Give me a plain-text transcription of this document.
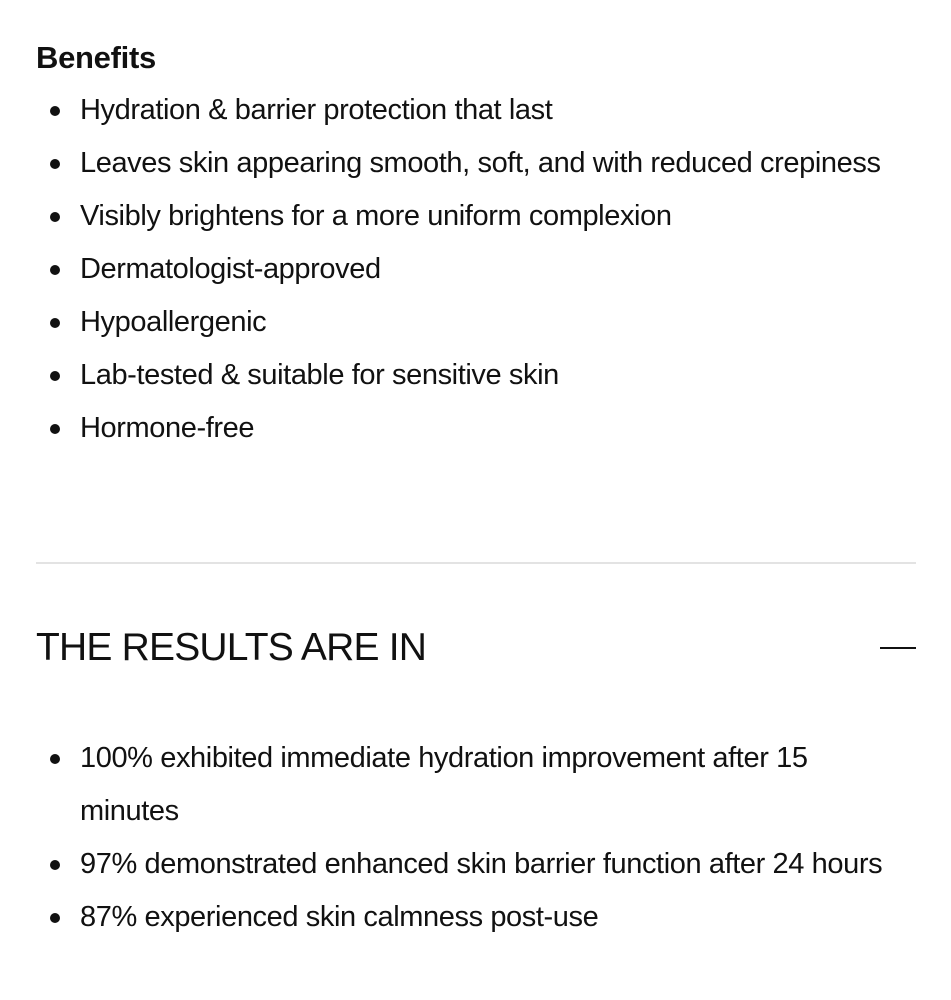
Benefits
Hydration & barrier protection that last
Leaves skin appearing smooth, soft, and with reduced crepiness
Visibly brightens for a more uniform complexion
Dermatologist-approved
Hypoallergenic
Lab-tested & suitable for sensitive skin
Hormone-free
THE RESULTS ARE IN
100% exhibited immediate hydration improvement after 15 minutes
97% demonstrated enhanced skin barrier function after 24 hours
87% experienced skin calmness post-use
